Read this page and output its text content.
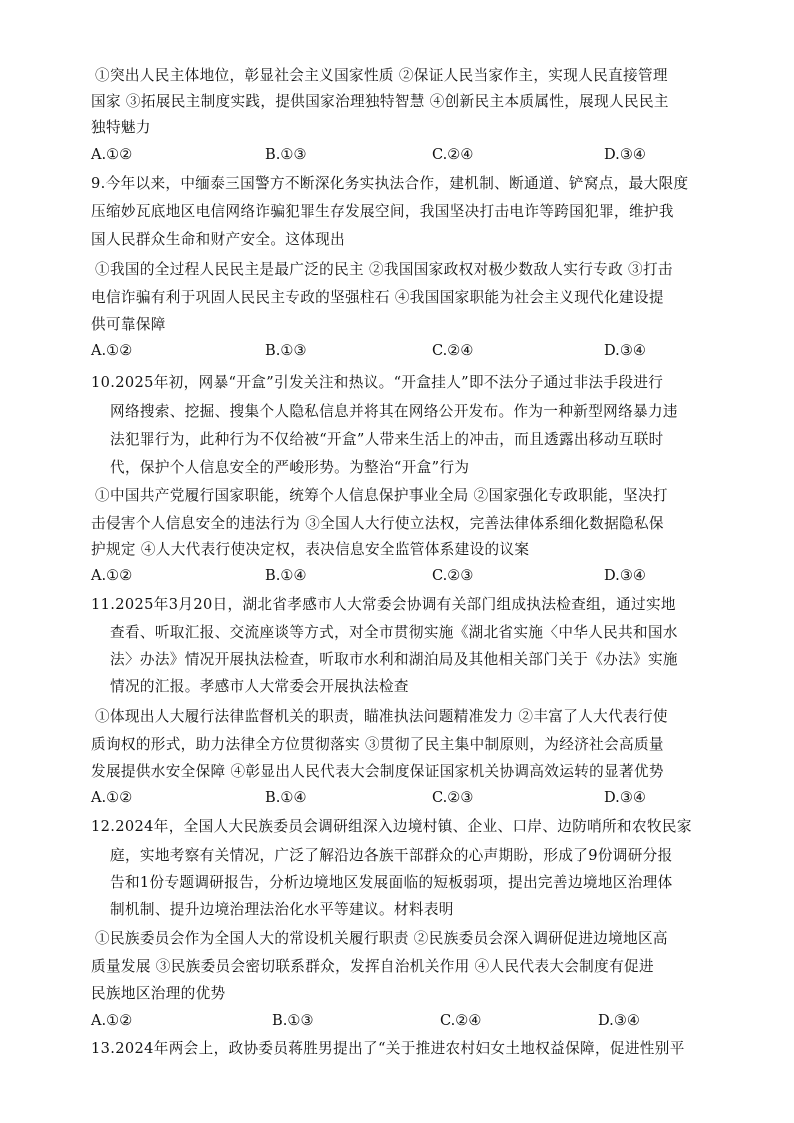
①突出人民主体地位，彰显社会主义国家性质 ②保证人民当家作主，实现人民直接管理
国家 ③拓展民主制度实践，提供国家治理独特智慧 ④创新民主本质属性，展现人民民主
独特魅力
A.①②	B.①③	C.②④	D.③④
9.今年以来，中缅泰三国警方不断深化务实执法合作，建机制、断通道、铲窝点，最大限度
压缩妙瓦底地区电信网络诈骗犯罪生存发展空间，我国坚决打击电诈等跨国犯罪，维护我
国人民群众生命和财产安全。这体现出
①我国的全过程人民民主是最广泛的民主 ②我国国家政权对极少数敌人实行专政 ③打击
电信诈骗有利于巩固人民民主专政的坚强柱石 ④我国国家职能为社会主义现代化建设提
供可靠保障
A.①②	B.①③	C.②④	D.③④
10.2025年初，网暴“开盒”引发关注和热议。“开盒挂人”即不法分子通过非法手段进行
网络搜索、挖掘、搜集个人隐私信息并将其在网络公开发布。作为一种新型网络暴力违
法犯罪行为，此种行为不仅给被“开盒”人带来生活上的冲击，而且透露出移动互联时
代，保护个人信息安全的严峻形势。为整治“开盒”行为
①中国共产党履行国家职能，统筹个人信息保护事业全局 ②国家强化专政职能，坚决打
击侵害个人信息安全的违法行为 ③全国人大行使立法权，完善法律体系细化数据隐私保
护规定 ④人大代表行使决定权，表决信息安全监管体系建设的议案
A.①②	B.①④	C.②③	D.③④
11.2025年3月20日，湖北省孝感市人大常委会协调有关部门组成执法检查组，通过实地
查看、听取汇报、交流座谈等方式，对全市贯彻实施《湖北省实施〈中华人民共和国水
法〉办法》情况开展执法检查，听取市水利和湖泊局及其他相关部门关于《办法》实施
情况的汇报。孝感市人大常委会开展执法检查
①体现出人大履行法律监督机关的职责，瞄准执法问题精准发力 ②丰富了人大代表行使
质询权的形式，助力法律全方位贯彻落实 ③贯彻了民主集中制原则，为经济社会高质量
发展提供水安全保障 ④彰显出人民代表大会制度保证国家机关协调高效运转的显著优势
A.①②	B.①④	C.②③	D.③④
12.2024年，全国人大民族委员会调研组深入边境村镇、企业、口岸、边防哨所和农牧民家
庭，实地考察有关情况，广泛了解沿边各族干部群众的心声期盼，形成了9份调研分报
告和1份专题调研报告，分析边境地区发展面临的短板弱项，提出完善边境地区治理体
制机制、提升边境治理法治化水平等建议。材料表明
①民族委员会作为全国人大的常设机关履行职责 ②民族委员会深入调研促进边境地区高
质量发展 ③民族委员会密切联系群众，发挥自治机关作用 ④人民代表大会制度有促进
民族地区治理的优势
A.①②	B.①③	C.②④	D.③④
13.2024年两会上，政协委员蒋胜男提出了“关于推进农村妇女土地权益保障，促进性别平
